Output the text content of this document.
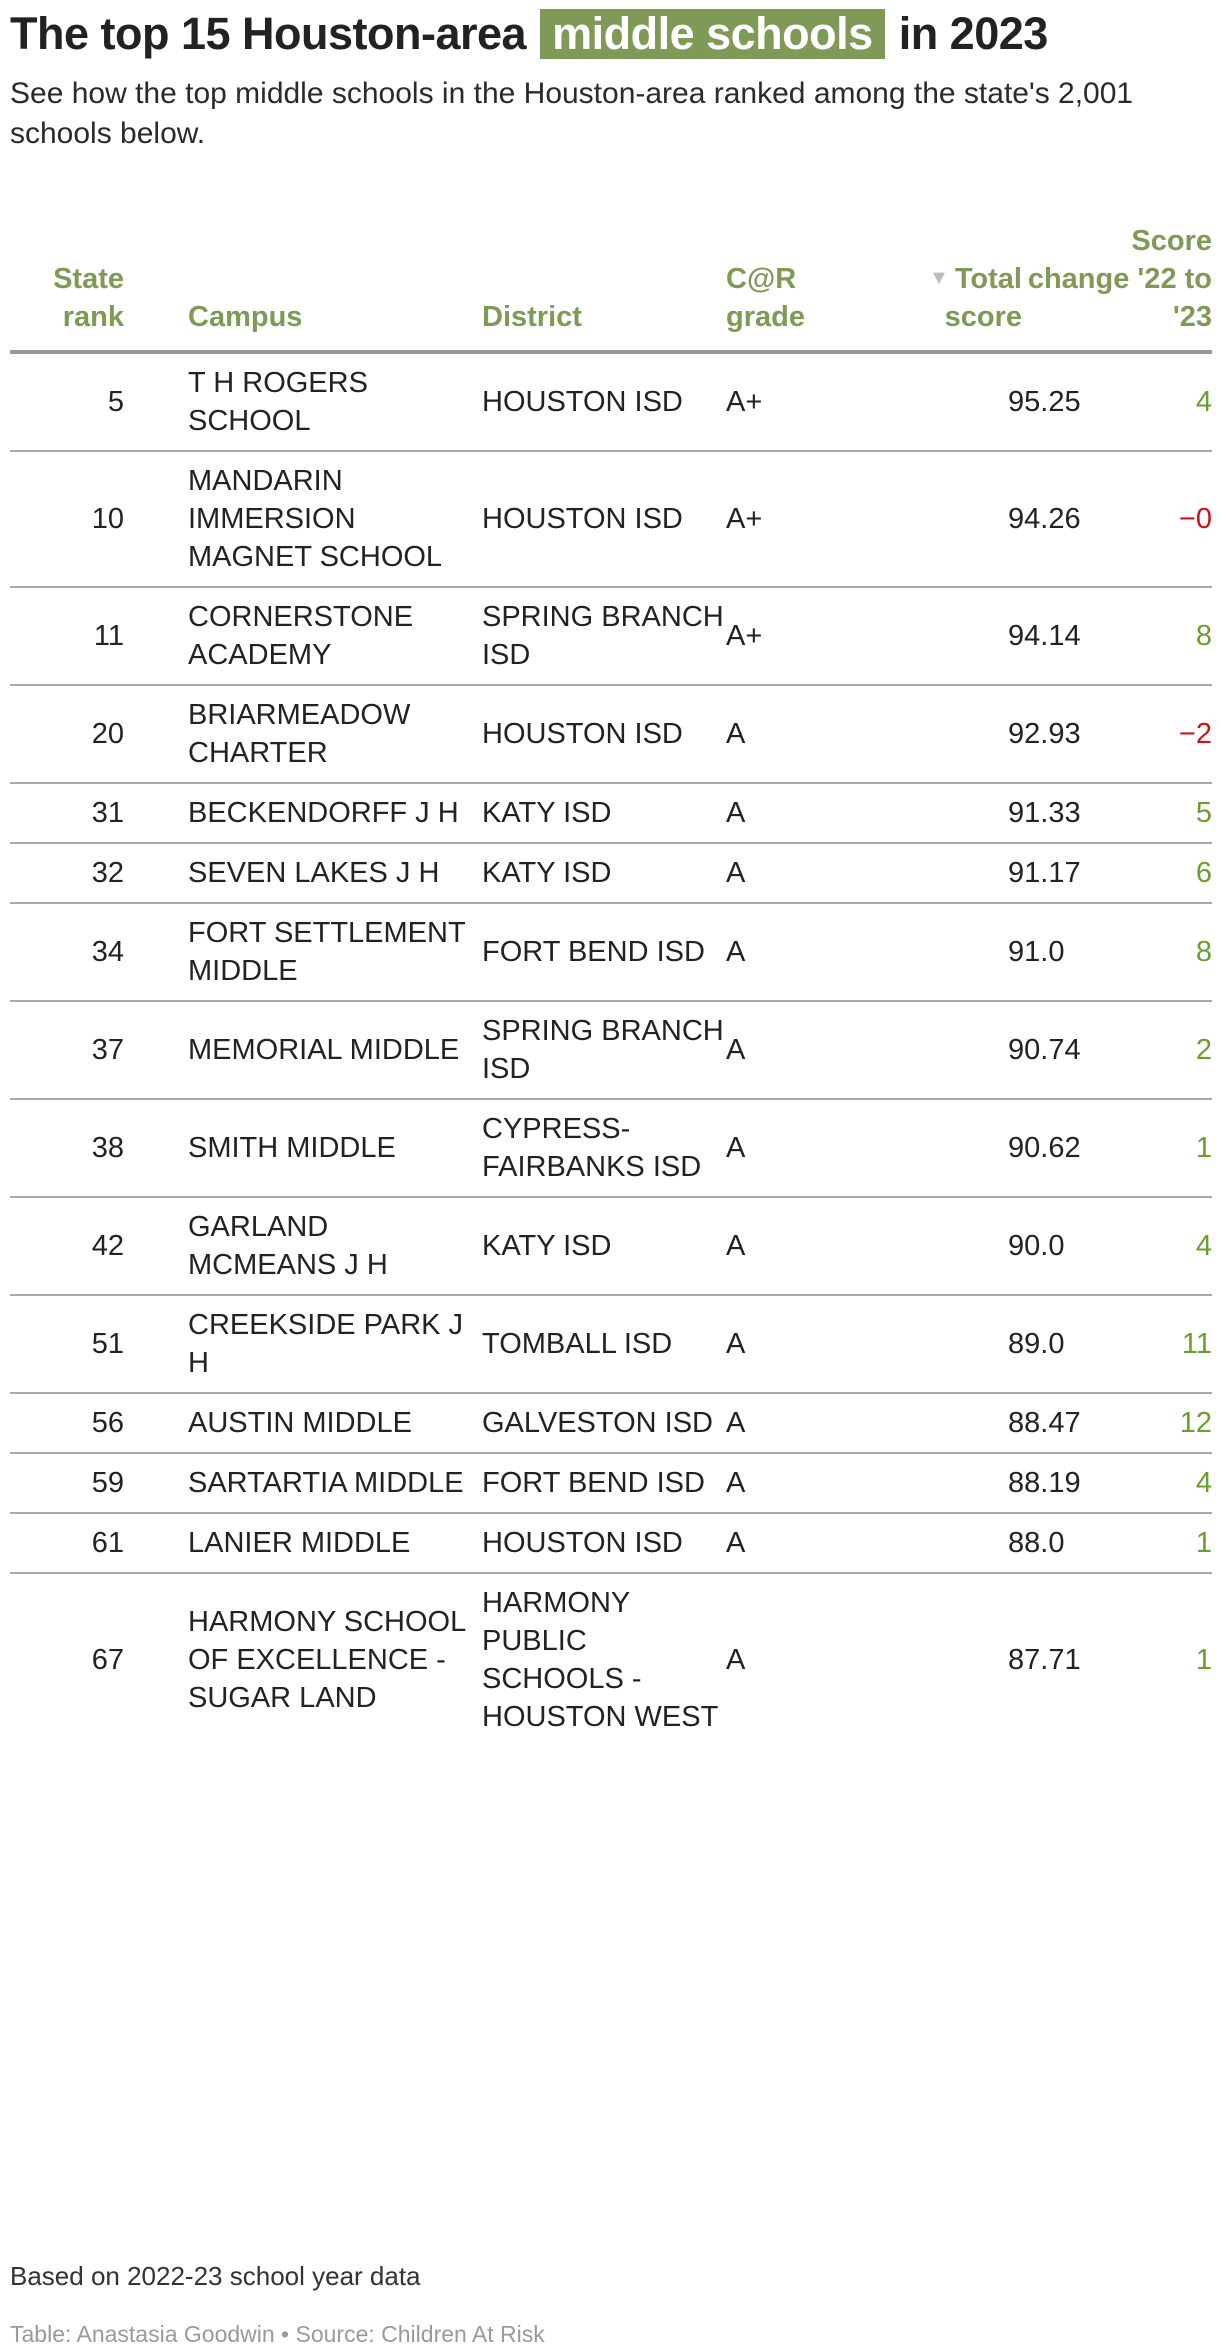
The top 15 Houston-area middle schools in 2023

See how the top middle schools in the Houston-area ranked among the state's 2,001 schools below.

State rank	Campus	District	C@R grade	▼ Total score	Score change '22 to '23
5	T H ROGERS SCHOOL	HOUSTON ISD	A+	95.25	4
10	MANDARIN IMMERSION MAGNET SCHOOL	HOUSTON ISD	A+	94.26	−0
11	CORNERSTONE ACADEMY	SPRING BRANCH ISD	A+	94.14	8
20	BRIARMEADOW CHARTER	HOUSTON ISD	A	92.93	−2
31	BECKENDORFF J H	KATY ISD	A	91.33	5
32	SEVEN LAKES J H	KATY ISD	A	91.17	6
34	FORT SETTLEMENT MIDDLE	FORT BEND ISD	A	91.0	8
37	MEMORIAL MIDDLE	SPRING BRANCH ISD	A	90.74	2
38	SMITH MIDDLE	CYPRESS-FAIRBANKS ISD	A	90.62	1
42	GARLAND MCMEANS J H	KATY ISD	A	90.0	4
51	CREEKSIDE PARK J H	TOMBALL ISD	A	89.0	11
56	AUSTIN MIDDLE	GALVESTON ISD	A	88.47	12
59	SARTARTIA MIDDLE	FORT BEND ISD	A	88.19	4
61	LANIER MIDDLE	HOUSTON ISD	A	88.0	1
67	HARMONY SCHOOL OF EXCELLENCE - SUGAR LAND	HARMONY PUBLIC SCHOOLS - HOUSTON WEST	A	87.71	1

Based on 2022-23 school year data

Table: Anastasia Goodwin • Source: Children At Risk
